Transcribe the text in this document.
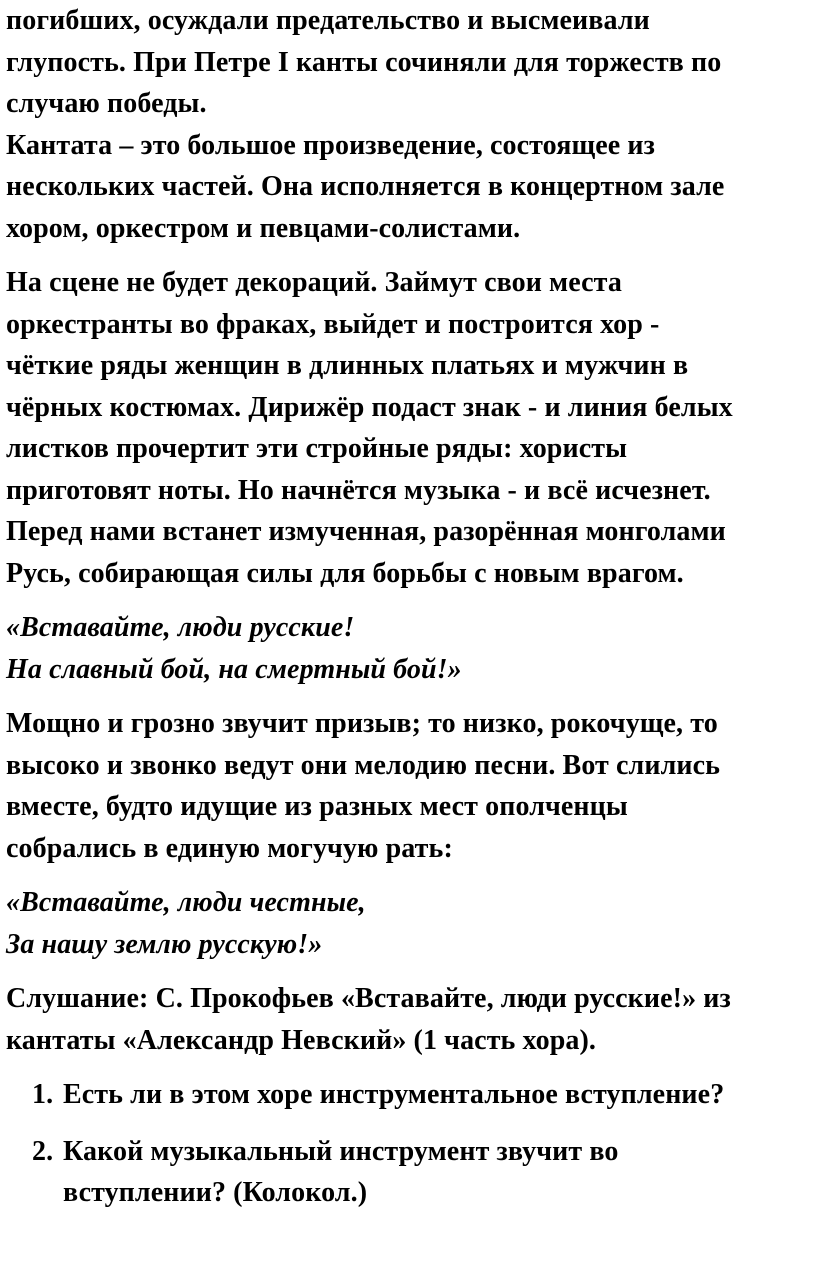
погибших, осуждали предательство и высмеивали
глупость. При Петре I канты сочиняли для торжеств по
случаю победы.
Кантата – это большое произведение, состоящее из
нескольких частей. Она исполняется в концертном зале
хором, оркестром и певцами-солистами.
На сцене не будет декораций. Займут свои места
оркестранты во фраках, выйдет и построится хор -
чёткие ряды женщин в длинных платьях и мужчин в
чёрных костюмах. Дирижёр подаст знак - и линия белых
листков прочертит эти стройные ряды: хористы
приготовят ноты. Но начнётся музыка - и всё исчезнет.
Перед нами встанет измученная, разорённая монголами
Русь, собирающая силы для борьбы с новым врагом.
«Вставайте, люди русские!
На славный бой, на смертный бой!»
Мощно и грозно звучит призыв; то низко, рокочуще, то
высоко и звонко ведут они мелодию песни. Вот слились
вместе, будто идущие из разных мест ополченцы
собрались в единую могучую рать:
«Вставайте, люди честные,
За нашу землю русскую!»
Слушание: С. Прокофьев «Вставайте, люди русские!» из
кантаты «Александр Невский» (1 часть хора).
1. Есть ли в этом хоре инструментальное вступление?
2. Какой музыкальный инструмент звучит во
вступлении? (Колокол.)
